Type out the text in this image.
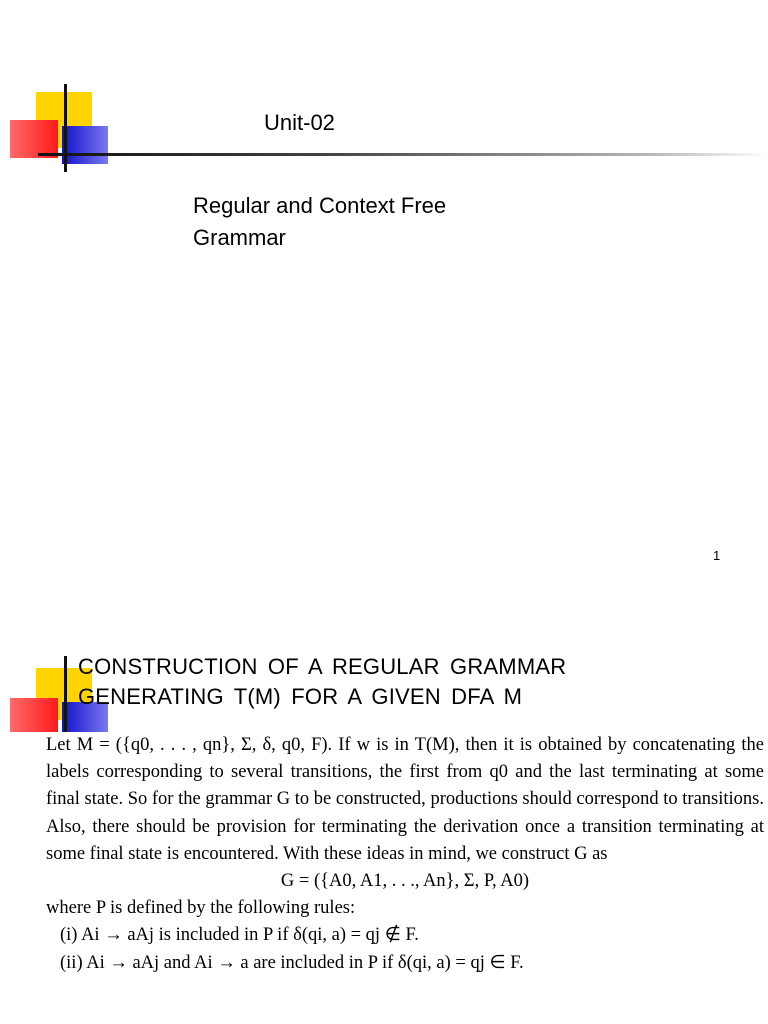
Unit-02
Regular and Context Free Grammar
1
CONSTRUCTION OF A REGULAR GRAMMAR GENERATING T(M) FOR A GIVEN DFA M

Let M = ({q0, . . . , qn}, Σ, δ, q0, F). If w is in T(M), then it is obtained by concatenating the labels corresponding to several transitions, the first from q0 and the last terminating at some final state. So for the grammar G to be constructed, productions should correspond to transitions. Also, there should be provision for terminating the derivation once a transition terminating at some final state is encountered. With these ideas in mind, we construct G as

G = ({A0, A1, . . ., An}, Σ, P, A0)

where P is defined by the following rules:

(i) Ai → aAj is included in P if δ(qi, a) = qj ∉ F.

(ii) Ai → aAj and Ai → a are included in P if δ(qi, a) = qj ∈ F.
